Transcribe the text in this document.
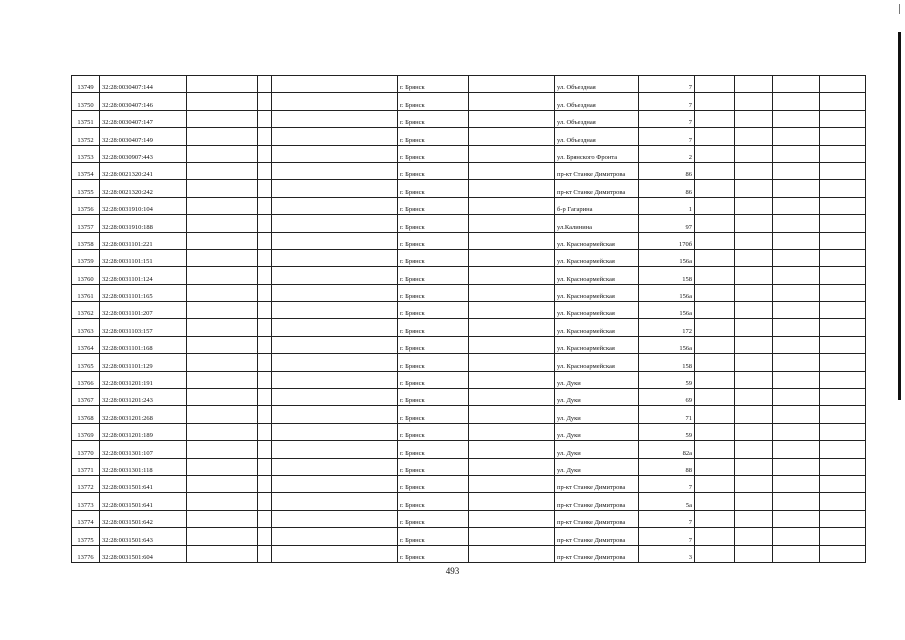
13749	32:28:0030407:144				г. Брянск		ул. Объездная	7				
13750	32:28:0030407:146				г. Брянск		ул. Объездная	7				
13751	32:28:0030407:147				г. Брянск		ул. Объездная	7				
13752	32:28:0030407:149				г. Брянск		ул. Объездная	7				
13753	32:28:0030907:443				г. Брянск		ул. Брянского Фронта	2				
13754	32:28:0021320:241				г. Брянск		пр-кт Станке Димитрова	86				
13755	32:28:0021320:242				г. Брянск		пр-кт Станке Димитрова	86				
13756	32:28:0031910:104				г. Брянск		б-р Гагарина	1				
13757	32:28:0031910:188				г. Брянск		ул.Калинина	97				
13758	32:28:0031101:221				г. Брянск		ул. Красноармейская	170б				
13759	32:28:0031101:151				г. Брянск		ул. Красноармейская	156а				
13760	32:28:0031101:124				г. Брянск		ул. Красноармейская	158				
13761	32:28:0031101:165				г. Брянск		ул. Красноармейская	156а				
13762	32:28:0031101:207				г. Брянск		ул. Красноармейская	156а				
13763	32:28:0031103:157				г. Брянск		ул. Красноармейская	172				
13764	32:28:0031101:168				г. Брянск		ул. Красноармейская	156а				
13765	32:28:0031101:129				г. Брянск		ул. Красноармейская	158				
13766	32:28:0031201:191				г. Брянск		ул. Дуки	59				
13767	32:28:0031201:243				г. Брянск		ул. Дуки	69				
13768	32:28:0031201:268				г. Брянск		ул. Дуки	71				
13769	32:28:0031201:189				г. Брянск		ул. Дуки	59				
13770	32:28:0031301:107				г. Брянск		ул. Дуки	82а				
13771	32:28:0031301:118				г. Брянск		ул. Дуки	88				
13772	32:28:0031501:641				г. Брянск		пр-кт Станке Димитрова	7				
13773	32:28:0031501:641				г. Брянск		пр-кт Станке Димитрова	5а				
13774	32:28:0031501:642				г. Брянск		пр-кт Станке Димитрова	7				
13775	32:28:0031501:643				г. Брянск		пр-кт Станке Димитрова	7				
13776	32:28:0031501:604				г. Брянск		пр-кт Станке Димитрова	3				
493
